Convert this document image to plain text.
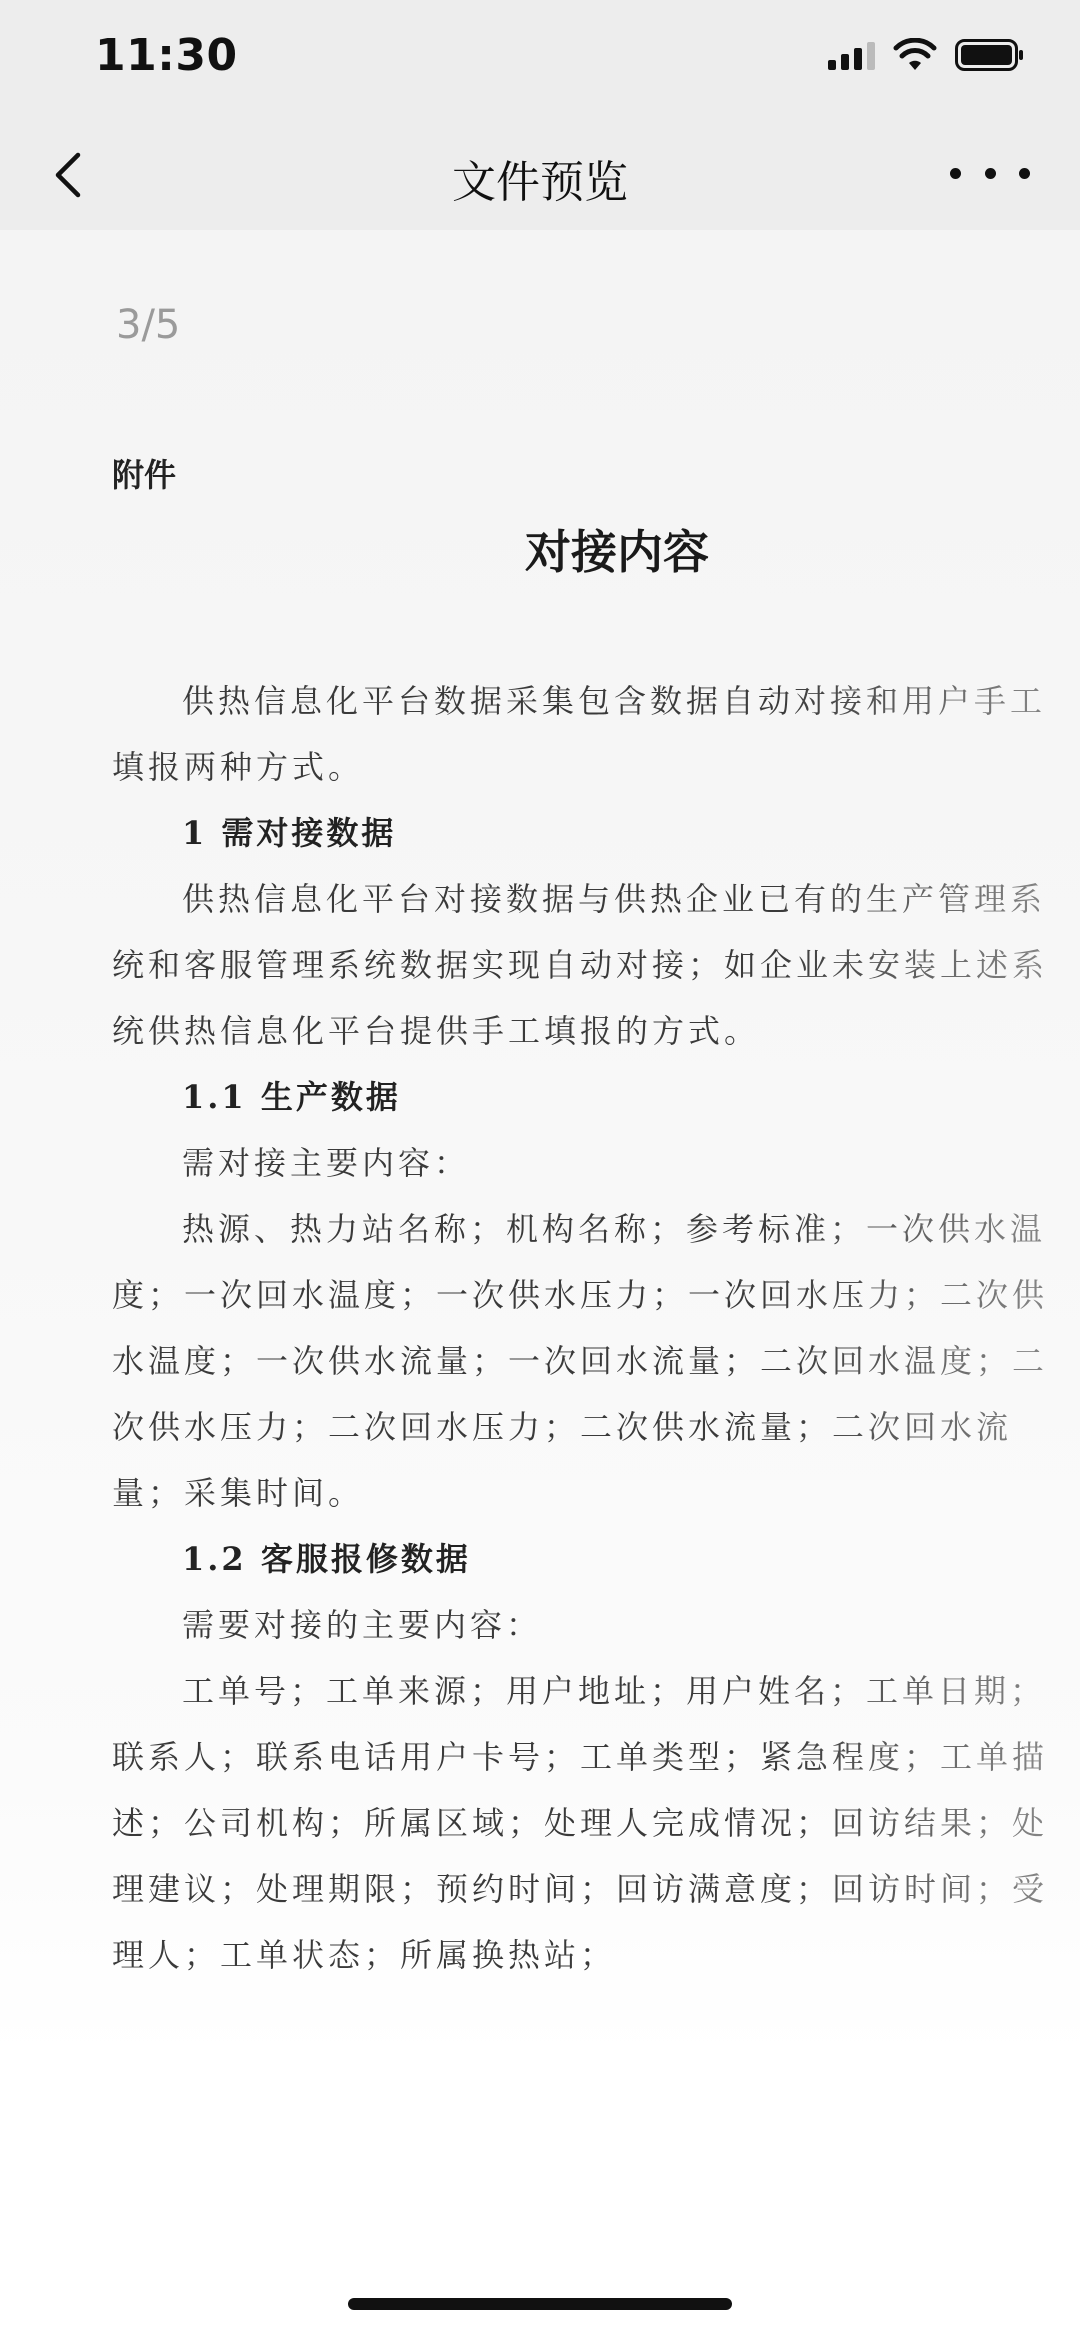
11:30
文件预览
3/5
附件
对接内容

供热信息化平台数据采集包含数据自动对接和用户手工填报两种方式。

1 需对接数据

供热信息化平台对接数据与供热企业已有的生产管理系统和客服管理系统数据实现自动对接；如企业未安装上述系统供热信息化平台提供手工填报的方式。

1.1 生产数据

需对接主要内容：

热源、热力站名称；机构名称；参考标准；一次供水温度；一次回水温度；一次供水压力；一次回水压力；二次供水温度；一次供水流量；一次回水流量；二次回水温度；二次供水压力；二次回水压力；二次供水流量；二次回水流量；采集时间。

1.2 客服报修数据

需要对接的主要内容：

工单号；工单来源；用户地址；用户姓名；工单日期；联系人；联系电话用户卡号；工单类型；紧急程度；工单描述；公司机构；所属区域；处理人完成情况；回访结果；处理建议；处理期限；预约时间；回访满意度；回访时间；受理人；工单状态；所属换热站；
